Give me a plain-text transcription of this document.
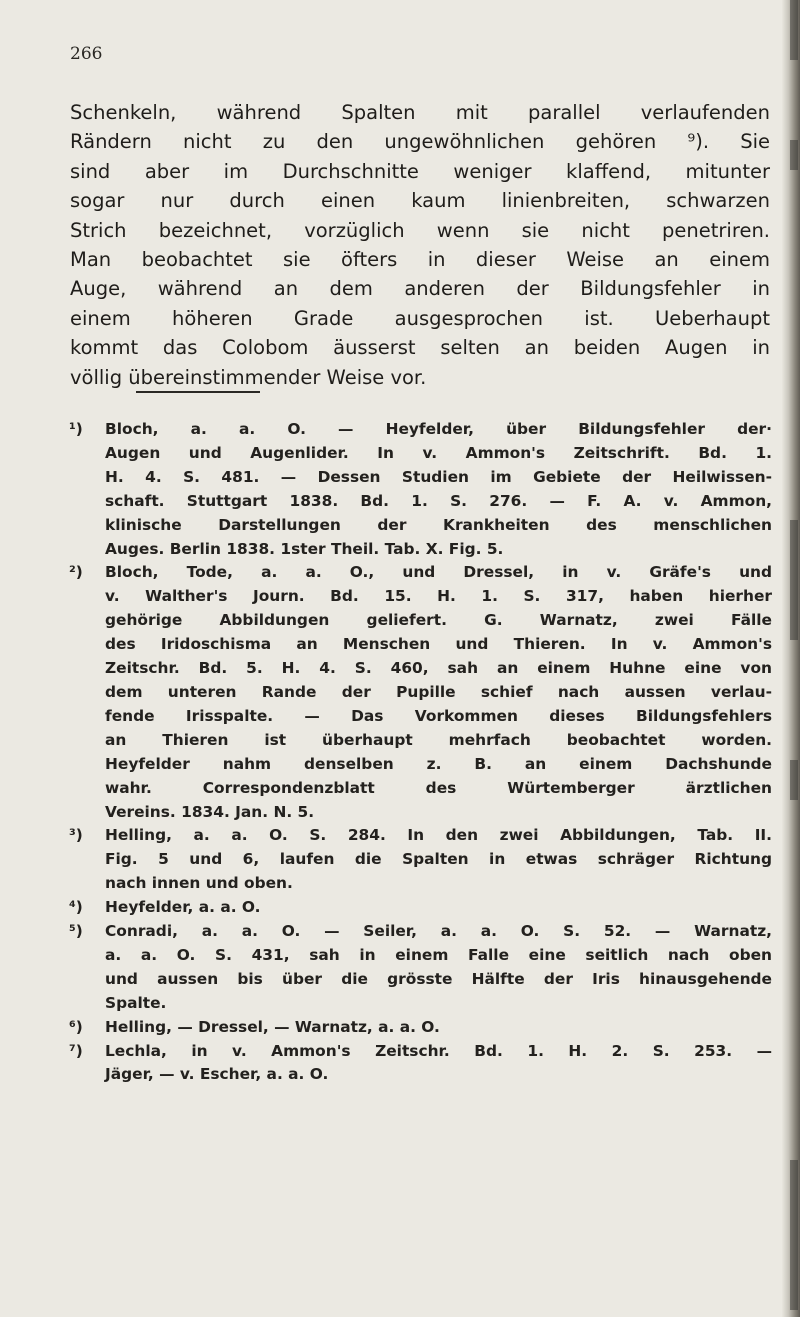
266
Schenkeln, während Spalten mit parallel verlaufenden
Rändern nicht zu den ungewöhnlichen gehören ⁹). Sie
sind aber im Durchschnitte weniger klaffend, mitunter
sogar nur durch einen kaum linienbreiten, schwarzen
Strich bezeichnet, vorzüglich wenn sie nicht penetriren.
Man beobachtet sie öfters in dieser Weise an einem
Auge, während an dem anderen der Bildungsfehler in
einem höheren Grade ausgesprochen ist. Ueberhaupt
kommt das Colobom äusserst selten an beiden Augen in
völlig übereinstimmender Weise vor.
¹) Bloch, a. a. O. — Heyfelder, über Bildungsfehler der·
Augen und Augenlider. In v. Ammon's Zeitschrift. Bd. 1.
H. 4. S. 481. — Dessen Studien im Gebiete der Heilwissen-
schaft. Stuttgart 1838. Bd. 1. S. 276. — F. A. v. Ammon,
klinische Darstellungen der Krankheiten des menschlichen
Auges. Berlin 1838. 1ster Theil. Tab. X. Fig. 5.
²) Bloch, Tode, a. a. O., und Dressel, in v. Gräfe's und
v. Walther's Journ. Bd. 15. H. 1. S. 317, haben hierher
gehörige Abbildungen geliefert. G. Warnatz, zwei Fälle
des Iridoschisma an Menschen und Thieren. In v. Ammon's
Zeitschr. Bd. 5. H. 4. S. 460, sah an einem Huhne eine von
dem unteren Rande der Pupille schief nach aussen verlau-
fende Irisspalte. — Das Vorkommen dieses Bildungsfehlers
an Thieren ist überhaupt mehrfach beobachtet worden.
Heyfelder nahm denselben z. B. an einem Dachshunde
wahr. Correspondenzblatt des Würtemberger ärztlichen
Vereins. 1834. Jan. N. 5.
³) Helling, a. a. O. S. 284. In den zwei Abbildungen, Tab. II.
Fig. 5 und 6, laufen die Spalten in etwas schräger Richtung
nach innen und oben.
⁴) Heyfelder, a. a. O.
⁵) Conradi, a. a. O. — Seiler, a. a. O. S. 52. — Warnatz,
a. a. O. S. 431, sah in einem Falle eine seitlich nach oben
und aussen bis über die grösste Hälfte der Iris hinausgehende
Spalte.
⁶) Helling, — Dressel, — Warnatz, a. a. O.
⁷) Lechla, in v. Ammon's Zeitschr. Bd. 1. H. 2. S. 253. —
Jäger, — v. Escher, a. a. O.
